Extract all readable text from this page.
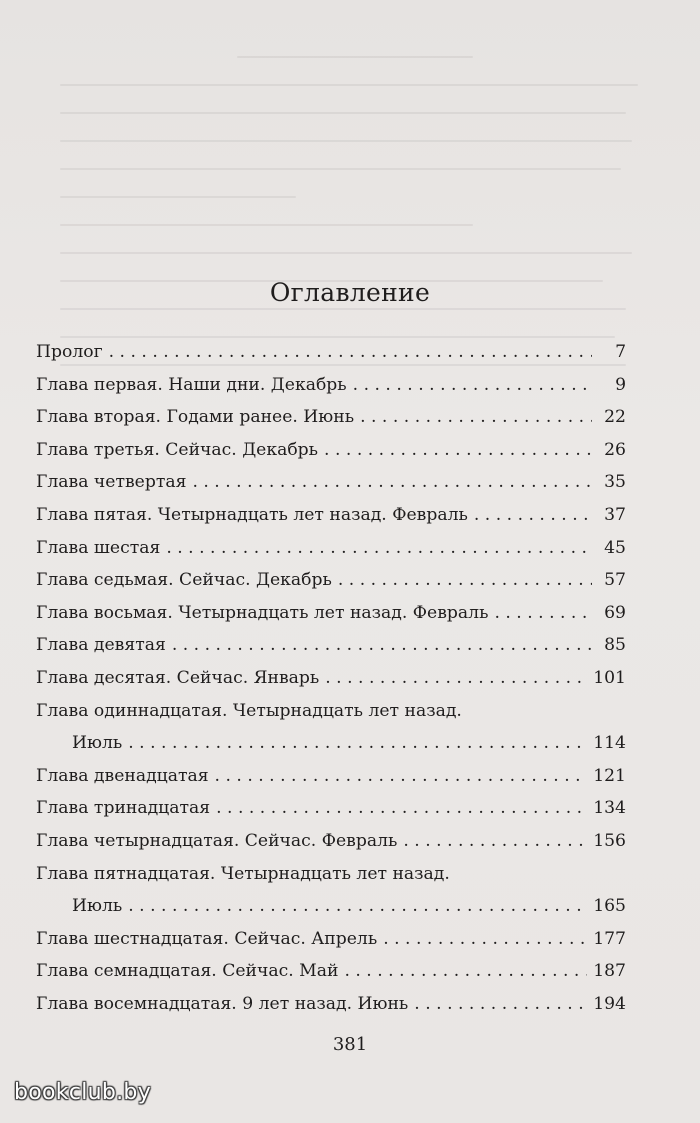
Оглавление
Пролог . . .	7
Глава первая. Наши дни. Декабрь . . .	9
Глава вторая. Годами ранее. Июнь . . .	22
Глава третья. Сейчас. Декабрь . . .	26
Глава четвертая . . .	35
Глава пятая. Четырнадцать лет назад. Февраль . . .	37
Глава шестая . . .	45
Глава седьмая. Сейчас. Декабрь . . .	57
Глава восьмая. Четырнадцать лет назад. Февраль . . .	69
Глава девятая . . .	85
Глава десятая. Сейчас. Январь . . .	101
Глава одиннадцатая. Четырнадцать лет назад.
Июль . . .	114
Глава двенадцатая . . .	121
Глава тринадцатая . . .	134
Глава четырнадцатая. Сейчас. Февраль . . .	156
Глава пятнадцатая. Четырнадцать лет назад.
Июль . . .	165
Глава шестнадцатая. Сейчас. Апрель . . .	177
Глава семнадцатая. Сейчас. Май . . .	187
Глава восемнадцатая. 9 лет назад. Июнь . . .	194
381
bookclub.by
